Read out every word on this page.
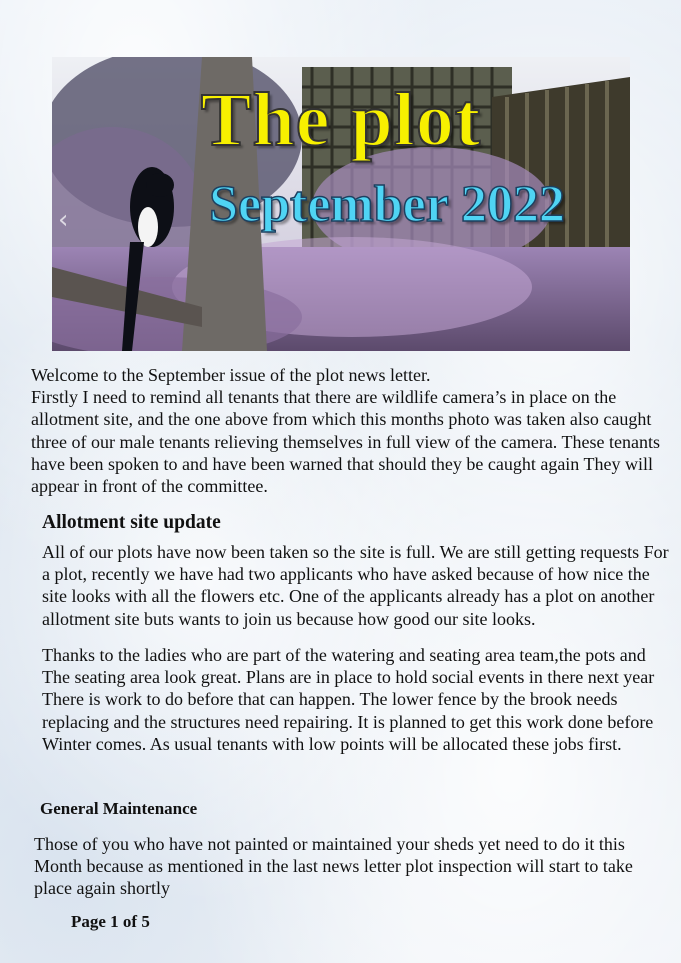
‹
The plot
September 2022

Welcome to the September issue of the plot news letter.

Firstly I need to remind all tenants that there are wildlife camera’s in place on the allotment site, and the one above from which this months photo was taken also caught three of our male tenants relieving themselves in full view of the camera. These tenants have been spoken to and have been warned that should they be caught again They will appear in front of the committee.

Allotment site update

All of our plots have now been taken so the site is full. We are still getting requests For a plot, recently we have had two applicants who have asked because of how nice the site looks with all the flowers etc. One of the applicants already has a plot on another allotment site buts wants to join us because how good our site looks.

Thanks to the ladies who are part of the watering and seating area team,the pots and The seating area look great. Plans are in place to hold social events in there next year There is work to do before that can happen. The lower fence by the brook needs replacing and the structures need repairing. It is planned to get this work done before Winter comes. As usual tenants with low points will be allocated these jobs first.

General Maintenance

Those of you who have not painted or maintained your sheds yet need to do it this Month because as mentioned in the last news letter plot inspection will start to take place again shortly

Page 1 of 5
